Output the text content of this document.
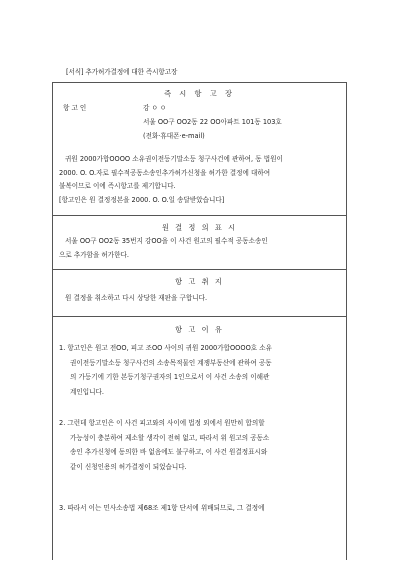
[서식] 추가허가결정에 대한 즉시항고장
즉 시 항 고 장
항 고 인	강 ㅇ ㅇ
서울 OO구 OO2동 22 OO아파트 101동 103호
(전화·휴대폰·e-mail)
귀원 2000가합OOOO 소유권이전등기말소등 청구사건에 관하여, 동 법원이
2000. O. O.자로 필수적공동소송인추가허가신청을 허가한 결정에 대하여
불복이므로 이에 즉시항고를 제기합니다.
[항고인은 원 결정정본을 2000. O. O.일 송달받았습니다]
원 결 정 의 표 시
서울 OO구 OO2동 35번지 강OO을 이 사건 원고의 필수적 공동소송인
으로 추가함을 허가한다.
항 고 취 지
원 결정을 취소하고 다시 상당한 재판을 구합니다.
항 고 이 유
1. 항고인은 원고 전OO, 피고 조OO 사이의 귀원 2000가합OOOO호 소유
권이전등기말소등 청구사건의 소송목적물인 계쟁부동산에 관하여 공동
의 가등기에 기한 본등기청구권자의 1인으로서 이 사건 소송의 이해관
계인입니다.
2. 그런데 항고인은 이 사건 피고와의 사이에 법정 외에서 원만히 합의할
가능성이 충분하여 제소할 생각이 전혀 없고, 따라서 위 원고의 공동소
송인 추가신청에 동의한 바 없음에도 불구하고, 이 사건 원결정표시와
같이 신청인용의 허가결정이 되었습니다.
3. 따라서 이는 민사소송법 제68조 제1항 단서에 위배되므로, 그 결정에
